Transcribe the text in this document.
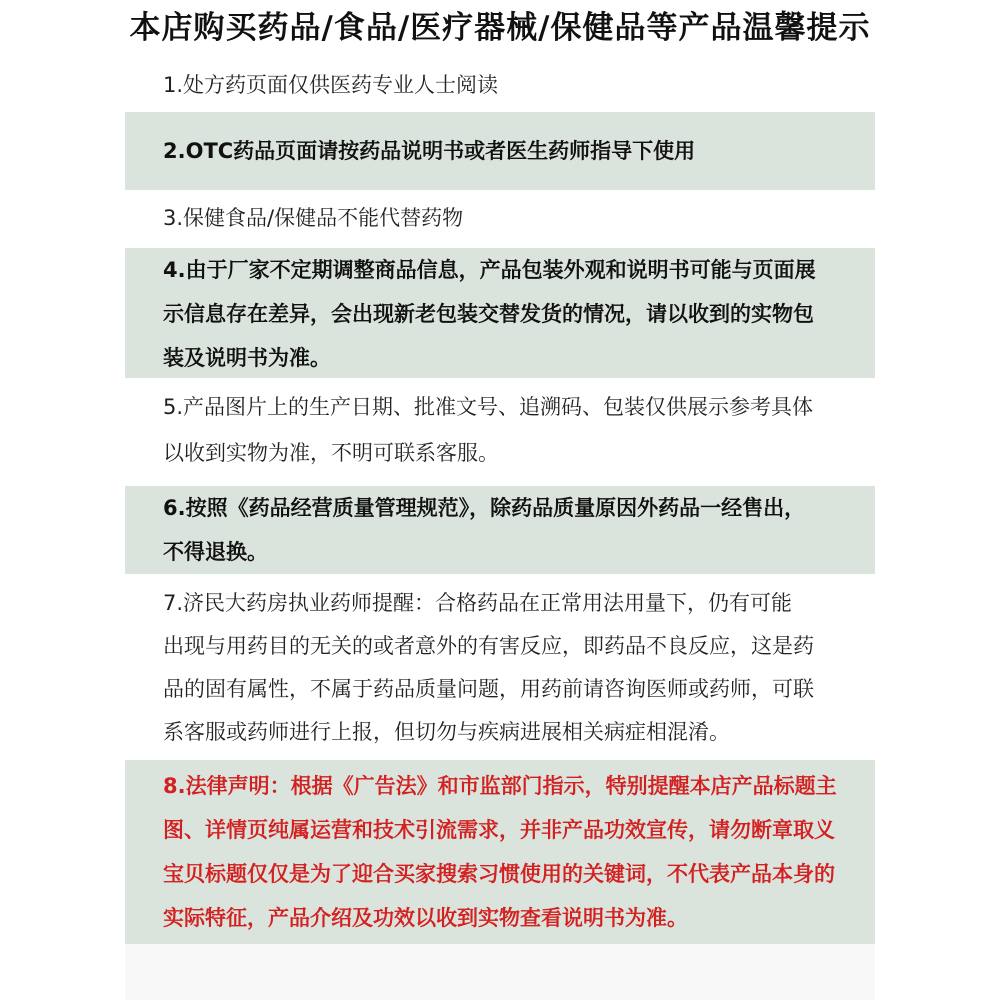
本店购买药品/食品/医疗器械/保健品等产品温馨提示
1.处方药页面仅供医药专业人士阅读
2.OTC药品页面请按药品说明书或者医生药师指导下使用
3.保健食品/保健品不能代替药物
4.由于厂家不定期调整商品信息，产品包装外观和说明书可能与页面展
示信息存在差异，会出现新老包装交替发货的情况，请以收到的实物包
装及说明书为准。
5.产品图片上的生产日期、批准文号、追溯码、包装仅供展示参考具体
以收到实物为准，不明可联系客服。
6.按照《药品经营质量管理规范》，除药品质量原因外药品一经售出，
不得退换。
7.济民大药房执业药师提醒：合格药品在正常用法用量下，仍有可能
出现与用药目的无关的或者意外的有害反应，即药品不良反应，这是药
品的固有属性，不属于药品质量问题，用药前请咨询医师或药师，可联
系客服或药师进行上报，但切勿与疾病进展相关病症相混淆。
8.法律声明：根据《广告法》和市监部门指示，特别提醒本店产品标题主
图、详情页纯属运营和技术引流需求，并非产品功效宣传，请勿断章取义
宝贝标题仅仅是为了迎合买家搜索习惯使用的关键词，不代表产品本身的
实际特征，产品介绍及功效以收到实物查看说明书为准。
